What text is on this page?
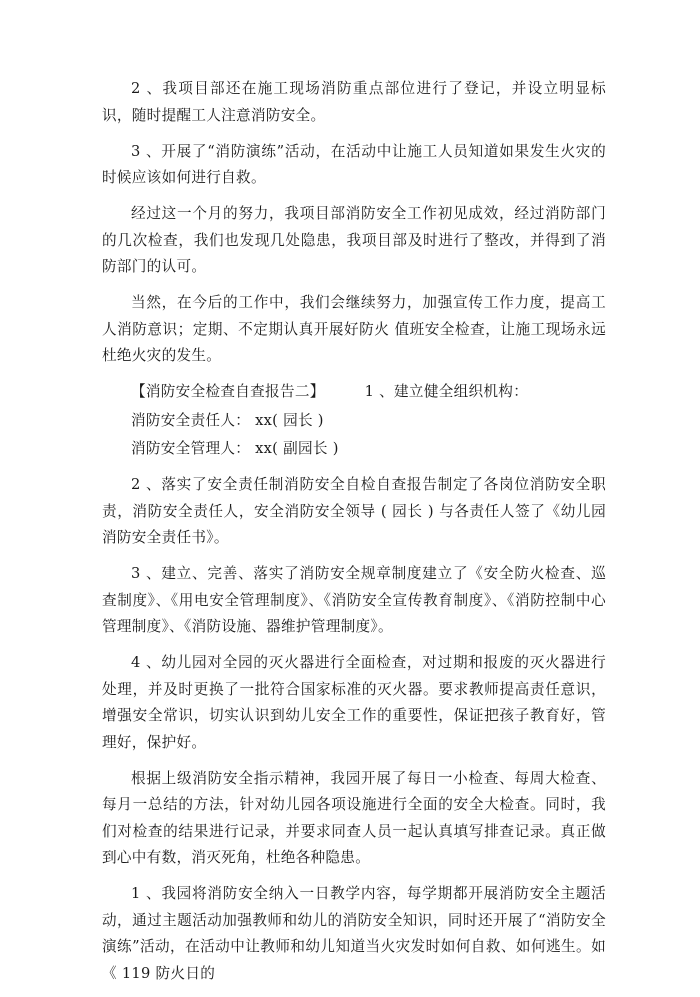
2 、我项目部还在施工现场消防重点部位进行了登记，并设立明显标识，随时提醒工人注意消防安全。

3 、开展了“消防演练”活动，在活动中让施工人员知道如果发生火灾的时候应该如何进行自救。

经过这一个月的努力，我项目部消防安全工作初见成效，经过消防部门的几次检查，我们也发现几处隐患，我项目部及时进行了整改，并得到了消防部门的认可。

当然，在今后的工作中，我们会继续努力，加强宣传工作力度，提高工人消防意识；定期、不定期认真开展好防火 值班安全检查，让施工现场永远杜绝火灾的发生。

【消防安全检查自查报告二】	1 、建立健全组织机构：

消防安全责任人： xx( 园长 )

消防安全管理人： xx( 副园长 )

2 、落实了安全责任制消防安全自检自查报告制定了各岗位消防安全职责，消防安全责任人，安全消防安全领导 ( 园长 ) 与各责任人签了《幼儿园消防安全责任书》。

3 、建立、完善、落实了消防安全规章制度建立了《安全防火检查、巡查制度》、《用电安全管理制度》、《消防安全宣传教育制度》、《消防控制中心管理制度》、《消防设施、器维护管理制度》。

4 、幼儿园对全园的灭火器进行全面检查，对过期和报废的灭火器进行处理，并及时更换了一批符合国家标准的灭火器。要求教师提高责任意识，增强安全常识，切实认识到幼儿安全工作的重要性，保证把孩子教育好，管理好，保护好。

根据上级消防安全指示精神，我园开展了每日一小检查、每周大检查、每月一总结的方法，针对幼儿园各项设施进行全面的安全大检查。同时，我们对检查的结果进行记录，并要求同查人员一起认真填写排查记录。真正做到心中有数，消灭死角，杜绝各种隐患。

1 、我园将消防安全纳入一日教学内容，每学期都开展消防安全主题活动，通过主题活动加强教师和幼儿的消防安全知识，同时还开展了“消防安全演练”活动，在活动中让教师和幼儿知道当火灾发时如何自救、如何逃生。如《 119 防火日的
